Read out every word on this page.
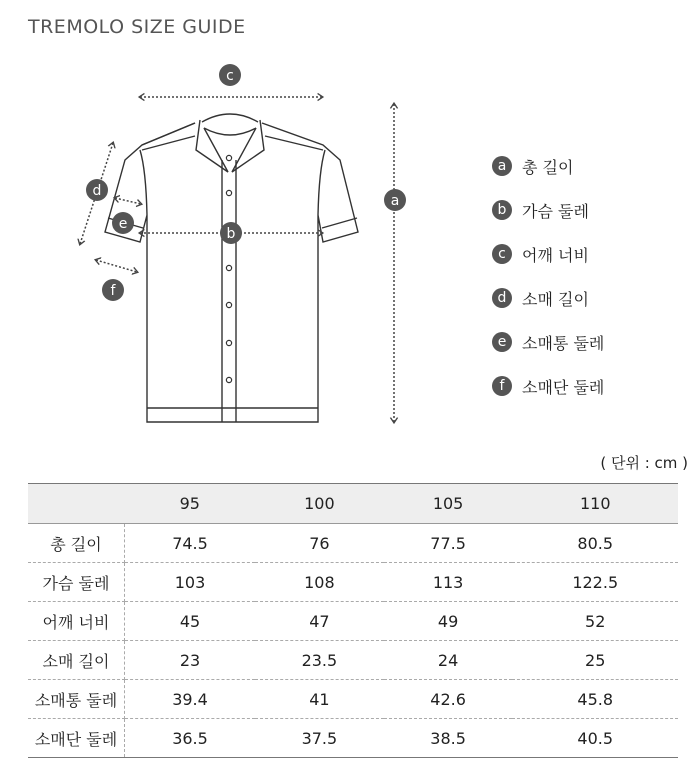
TREMOLO SIZE GUIDE
c
a
b
d
e
f
a 총 길이
b 가슴 둘레
c	어깨 너비
d 소매 길이
e 소매통 둘레
f	소매단 둘레
( 단위 : cm )
	95	100	105	110
총 길이	74.5	76	77.5	80.5
가슴 둘레	103	108	113	122.5
어깨 너비	45	47	49	52
소매 길이	23	23.5	24	25
소매통 둘레	39.4	41	42.6	45.8
소매단 둘레	36.5	37.5	38.5	40.5
